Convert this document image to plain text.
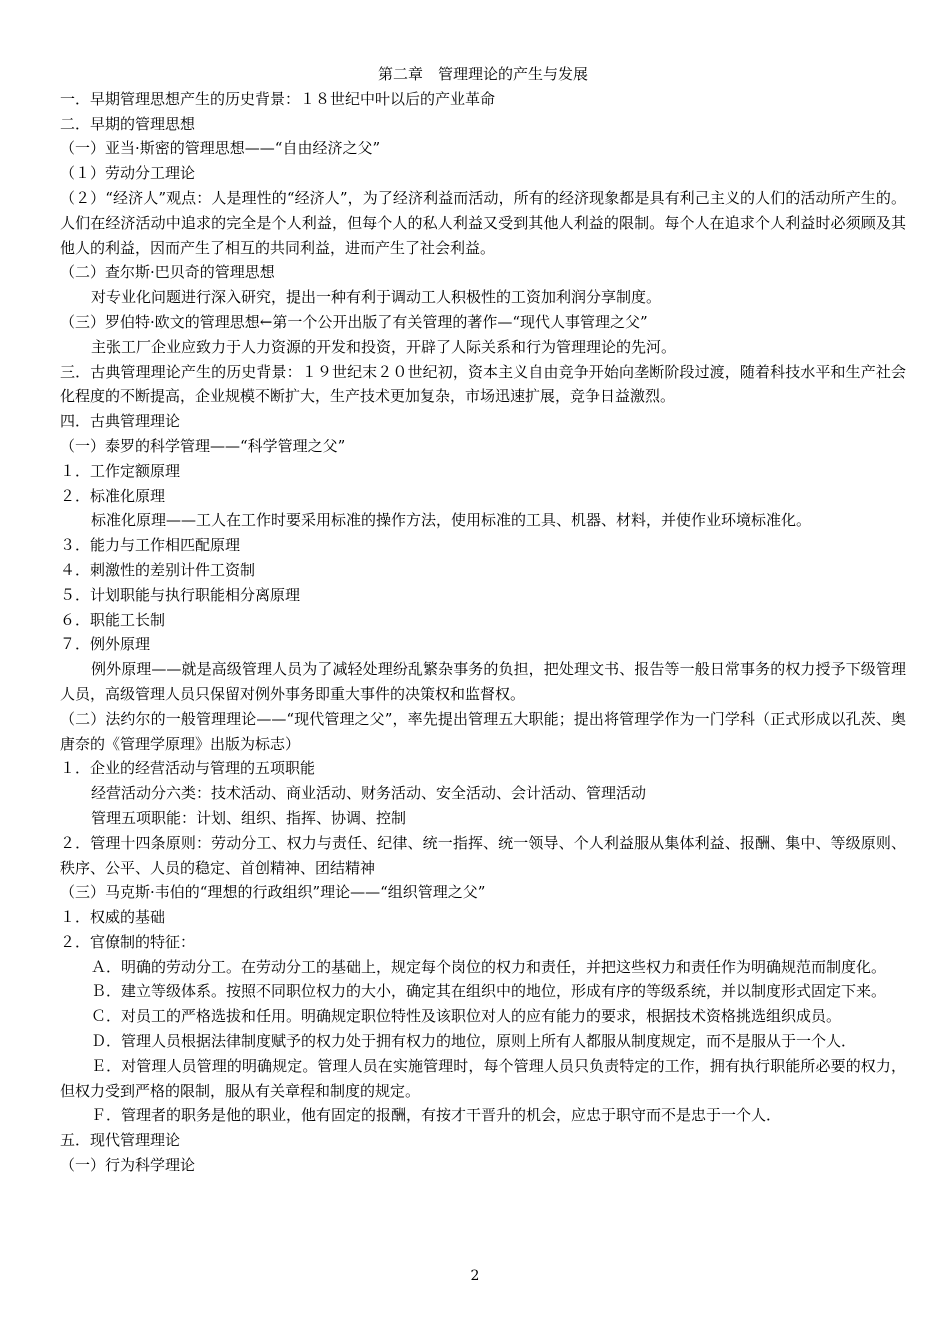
第二章　管理理论的产生与发展
一．早期管理思想产生的历史背景：１８世纪中叶以后的产业革命
二．早期的管理思想
（一）亚当·斯密的管理思想——“自由经济之父”
（１）劳动分工理论
（２）“经济人”观点：人是理性的“经济人”，为了经济利益而活动，所有的经济现象都是具有利己主义的人们的活动所产生的。人们在经济活动中追求的完全是个人利益，但每个人的私人利益又受到其他人利益的限制。每个人在追求个人利益时必须顾及其他人的利益，因而产生了相互的共同利益，进而产生了社会利益。
（二）查尔斯·巴贝奇的管理思想
对专业化问题进行深入研究，提出一种有利于调动工人积极性的工资加利润分享制度。
（三）罗伯特·欧文的管理思想←第一个公开出版了有关管理的著作—“现代人事管理之父”
主张工厂企业应致力于人力资源的开发和投资，开辟了人际关系和行为管理理论的先河。
三．古典管理理论产生的历史背景：１９世纪末２０世纪初，资本主义自由竞争开始向垄断阶段过渡，随着科技水平和生产社会化程度的不断提高，企业规模不断扩大，生产技术更加复杂，市场迅速扩展，竞争日益激烈。
四．古典管理理论
（一）泰罗的科学管理——“科学管理之父”
１．工作定额原理
２．标准化原理
标准化原理——工人在工作时要采用标准的操作方法，使用标准的工具、机器、材料，并使作业环境标准化。
３．能力与工作相匹配原理
４．刺激性的差别计件工资制
５．计划职能与执行职能相分离原理
６．职能工长制
７．例外原理
例外原理——就是高级管理人员为了减轻处理纷乱繁杂事务的负担，把处理文书、报告等一般日常事务的权力授予下级管理人员，高级管理人员只保留对例外事务即重大事件的决策权和监督权。
（二）法约尔的一般管理理论——“现代管理之父”，率先提出管理五大职能；提出将管理学作为一门学科（正式形成以孔茨、奥唐奈的《管理学原理》出版为标志）
１．企业的经营活动与管理的五项职能
经营活动分六类：技术活动、商业活动、财务活动、安全活动、会计活动、管理活动
管理五项职能：计划、组织、指挥、协调、控制
２．管理十四条原则：劳动分工、权力与责任、纪律、统一指挥、统一领导、个人利益服从集体利益、报酬、集中、等级原则、秩序、公平、人员的稳定、首创精神、团结精神
（三）马克斯·韦伯的“理想的行政组织”理论——“组织管理之父”
１．权威的基础
２．官僚制的特征：
Ａ．明确的劳动分工。在劳动分工的基础上，规定每个岗位的权力和责任，并把这些权力和责任作为明确规范而制度化。
Ｂ．建立等级体系。按照不同职位权力的大小，确定其在组织中的地位，形成有序的等级系统，并以制度形式固定下来。
Ｃ．对员工的严格选拔和任用。明确规定职位特性及该职位对人的应有能力的要求，根据技术资格挑选组织成员。
Ｄ．管理人员根据法律制度赋予的权力处于拥有权力的地位，原则上所有人都服从制度规定，而不是服从于一个人．
Ｅ．对管理人员管理的明确规定。管理人员在实施管理时，每个管理人员只负责特定的工作，拥有执行职能所必要的权力，但权力受到严格的限制，服从有关章程和制度的规定。
Ｆ．管理者的职务是他的职业，他有固定的报酬，有按才干晋升的机会，应忠于职守而不是忠于一个人．
五．现代管理理论
（一）行为科学理论
2
